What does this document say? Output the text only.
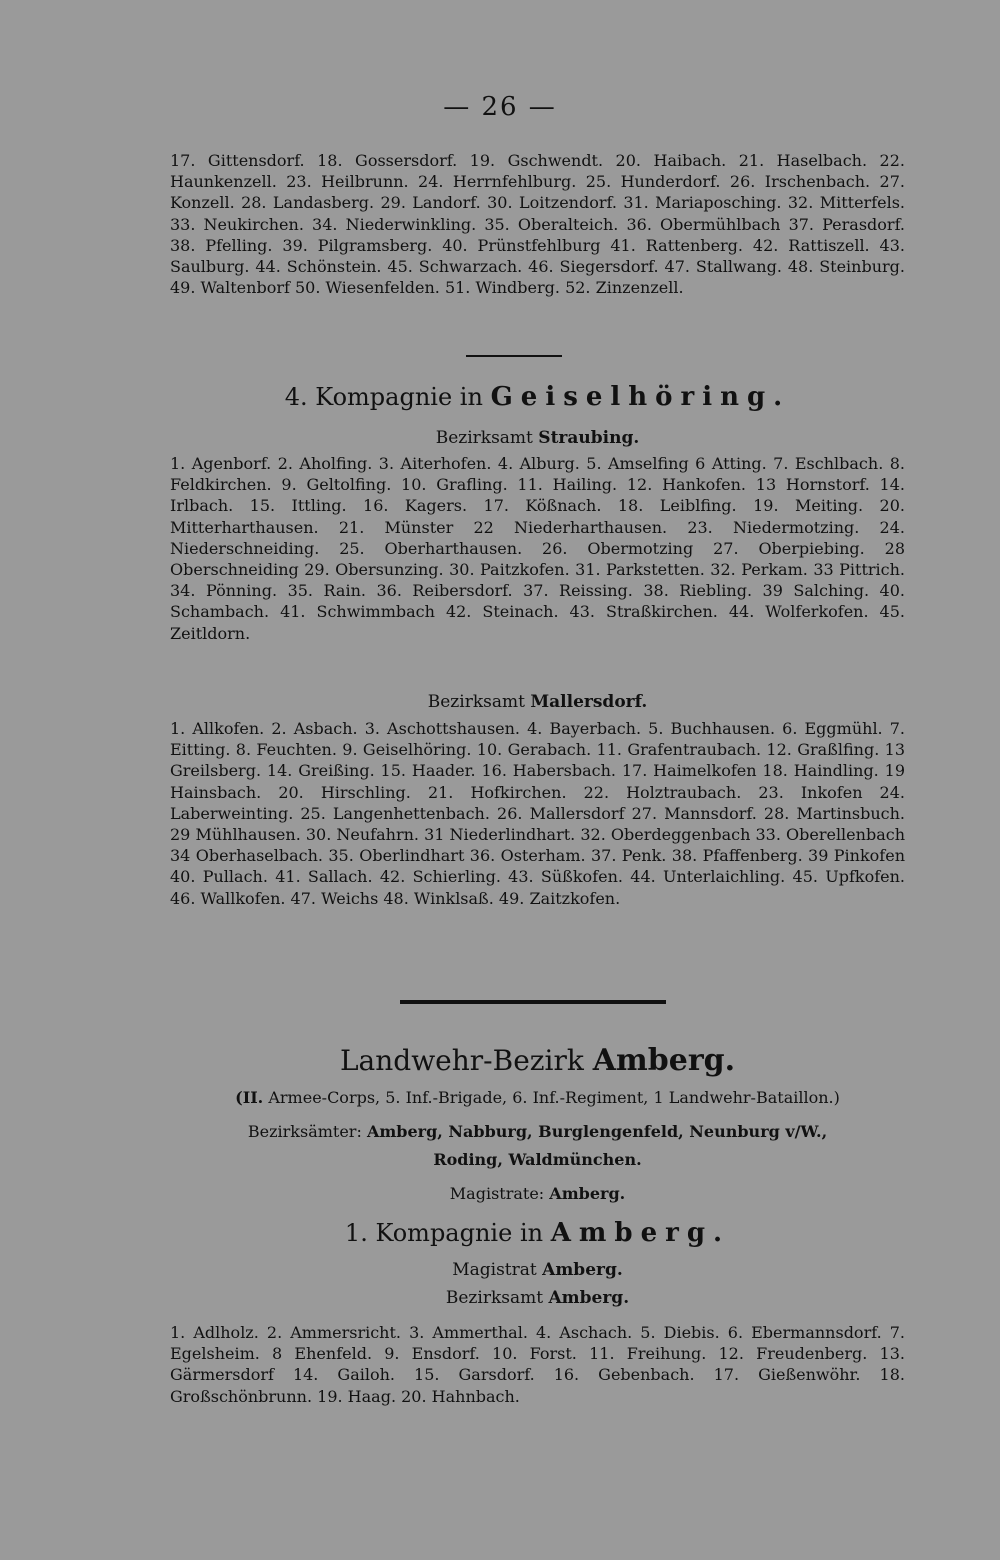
— 26 —
17. Gittensdorf. 18. Gossersdorf. 19. Gschwendt. 20. Haibach. 21. Haselbach. 22. Haunkenzell. 23. Heilbrunn. 24. Herrnfehlburg. 25. Hunderdorf. 26. Irschenbach. 27. Konzell. 28. Landasberg. 29. Landorf. 30. Loitzendorf. 31. Mariaposching. 32. Mitterfels. 33. Neukirchen. 34. Niederwinkling. 35. Oberalteich. 36. Obermühlbach 37. Perasdorf. 38. Pfelling. 39. Pilgramsberg. 40. Prünstfehlburg 41. Rattenberg. 42. Rattiszell. 43. Saulburg. 44. Schönstein. 45. Schwarzach. 46. Siegersdorf. 47. Stallwang. 48. Steinburg. 49. Waltenborf 50. Wiesenfelden. 51. Windberg. 52. Zinzenzell.
4. Kompagnie in Geiselhöring.
Bezirksamt Straubing.
1. Agenborf. 2. Aholfing. 3. Aiterhofen. 4. Alburg. 5. Amselfing 6 Atting. 7. Eschlbach. 8. Feldkirchen. 9. Geltolfing. 10. Grafling. 11. Hailing. 12. Hankofen. 13 Hornstorf. 14. Irlbach. 15. Ittling. 16. Kagers. 17. Kößnach. 18. Leiblfing. 19. Meiting. 20. Mitterharthausen. 21. Münster 22 Niederharthausen. 23. Niedermotzing. 24. Niederschneiding. 25. Oberharthausen. 26. Obermotzing 27. Oberpiebing. 28 Oberschneiding 29. Obersunzing. 30. Paitzkofen. 31. Parkstetten. 32. Perkam. 33 Pittrich. 34. Pönning. 35. Rain. 36. Reibersdorf. 37. Reissing. 38. Riebling. 39 Salching. 40. Schambach. 41. Schwimmbach 42. Steinach. 43. Straßkirchen. 44. Wolferkofen. 45. Zeitldorn.
Bezirksamt Mallersdorf.
1. Allkofen. 2. Asbach. 3. Aschottshausen. 4. Bayerbach. 5. Buchhausen. 6. Eggmühl. 7. Eitting. 8. Feuchten. 9. Geiselhöring. 10. Gerabach. 11. Grafentraubach. 12. Graßlfing. 13 Greilsberg. 14. Greißing. 15. Haader. 16. Habersbach. 17. Haimelkofen 18. Haindling. 19 Hainsbach. 20. Hirschling. 21. Hofkirchen. 22. Holztraubach. 23. Inkofen 24. Laberweinting. 25. Langenhettenbach. 26. Mallersdorf 27. Mannsdorf. 28. Martinsbuch. 29 Mühlhausen. 30. Neufahrn. 31 Niederlindhart. 32. Oberdeggenbach 33. Oberellenbach 34 Oberhaselbach. 35. Oberlindhart 36. Osterham. 37. Penk. 38. Pfaffenberg. 39 Pinkofen 40. Pullach. 41. Sallach. 42. Schierling. 43. Süßkofen. 44. Unterlaichling. 45. Upfkofen. 46. Wallkofen. 47. Weichs 48. Winklsaß. 49. Zaitzkofen.
Landwehr-Bezirk Amberg.
(II. Armee-Corps, 5. Inf.-Brigade, 6. Inf.-Regiment, 1 Landwehr-Bataillon.)
Bezirksämter: Amberg, Nabburg, Burglengenfeld, Neunburg v/W.,
Roding, Waldmünchen.
Magistrate: Amberg.
1. Kompagnie in Amberg.
Magistrat Amberg.
Bezirksamt Amberg.
1. Adlholz. 2. Ammersricht. 3. Ammerthal. 4. Aschach. 5. Diebis. 6. Ebermannsdorf. 7. Egelsheim. 8 Ehenfeld. 9. Ensdorf. 10. Forst. 11. Freihung. 12. Freudenberg. 13. Gärmersdorf 14. Gailoh. 15. Garsdorf. 16. Gebenbach. 17. Gießenwöhr. 18. Großschönbrunn. 19. Haag. 20. Hahnbach.
